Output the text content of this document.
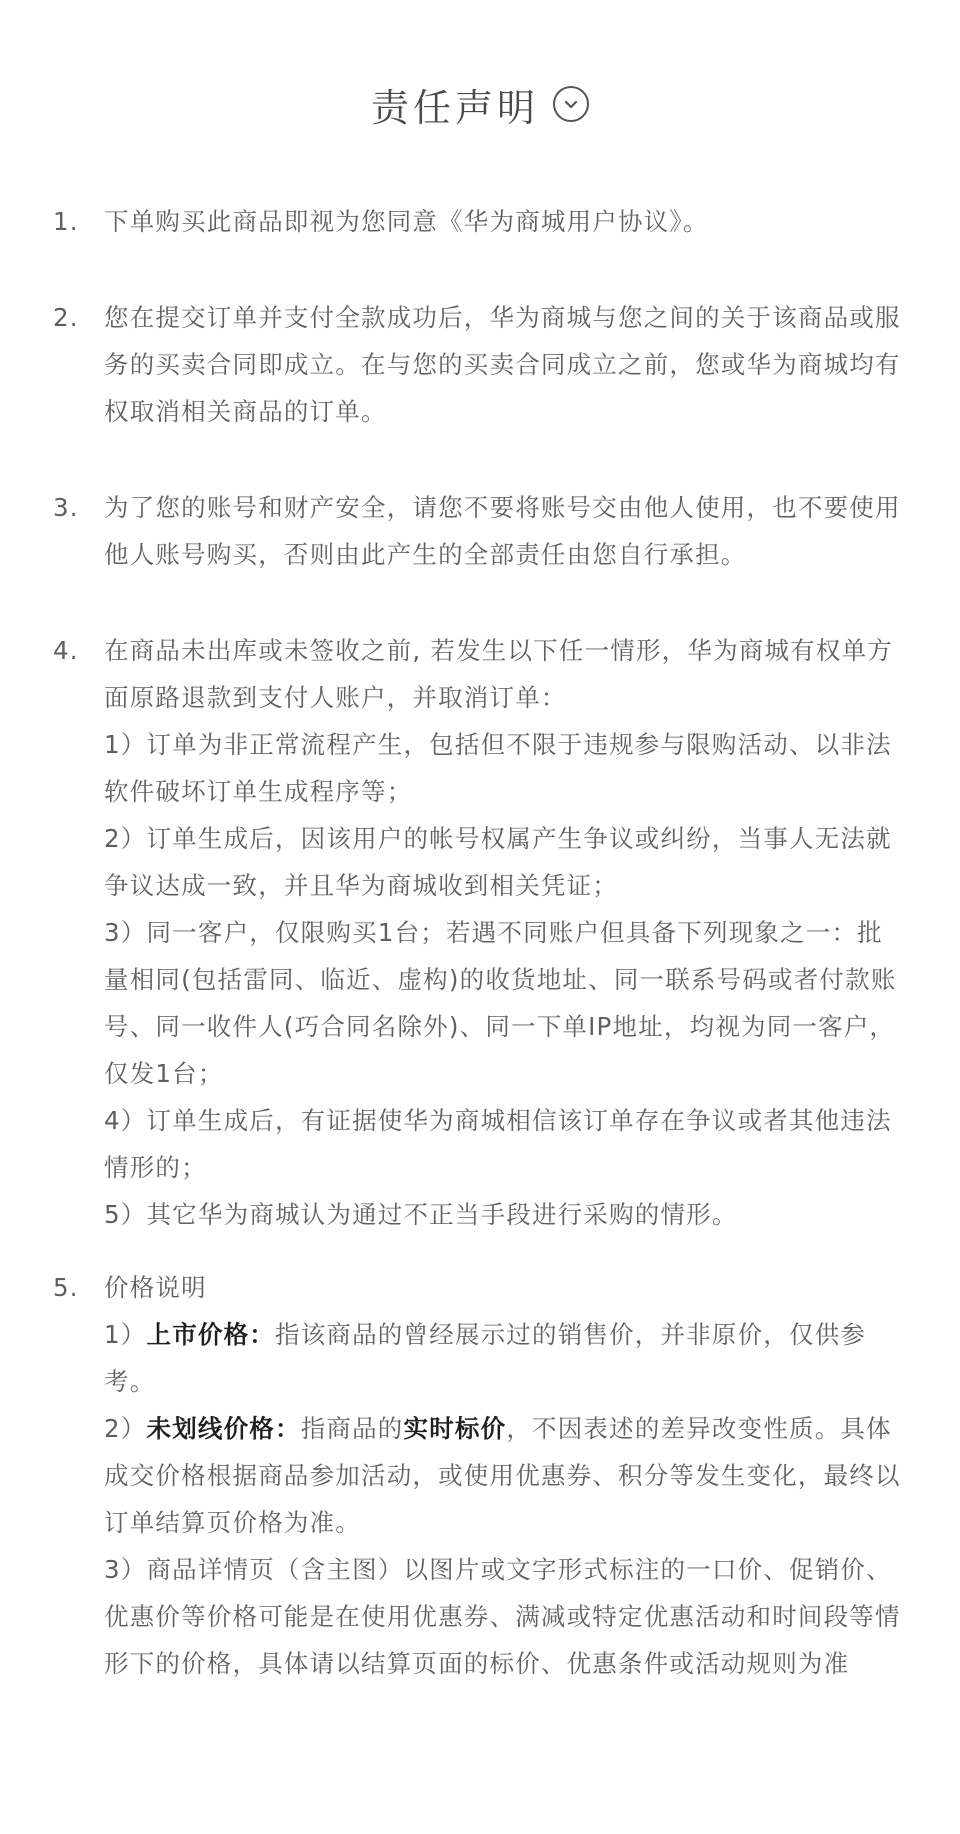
责任声明
1.	下单购买此商品即视为您同意《华为商城用户协议》。

2.	您在提交订单并支付全款成功后，华为商城与您之间的关于该商品或服务的买卖合同即成立。在与您的买卖合同成立之前，您或华为商城均有权取消相关商品的订单。

3.	为了您的账号和财产安全，请您不要将账号交由他人使用，也不要使用他人账号购买，否则由此产生的全部责任由您自行承担。

4.	在商品未出库或未签收之前, 若发生以下任一情形，华为商城有权单方面原路退款到支付人账户，并取消订单：

1）订单为非正常流程产生，包括但不限于违规参与限购活动、以非法软件破坏订单生成程序等；

2）订单生成后，因该用户的帐号权属产生争议或纠纷，当事人无法就争议达成一致，并且华为商城收到相关凭证；

3）同一客户，仅限购买1台；若遇不同账户但具备下列现象之一：批量相同(包括雷同、临近、虚构)的收货地址、同一联系号码或者付款账号、同一收件人(巧合同名除外)、同一下单IP地址，均视为同一客户，仅发1台；

4）订单生成后，有证据使华为商城相信该订单存在争议或者其他违法情形的；

5）其它华为商城认为通过不正当手段进行采购的情形。

5.	价格说明

1）上市价格：指该商品的曾经展示过的销售价，并非原价，仅供参考。

2）未划线价格：指商品的实时标价，不因表述的差异改变性质。具体成交价格根据商品参加活动，或使用优惠券、积分等发生变化，最终以订单结算页价格为准。

3）商品详情页（含主图）以图片或文字形式标注的一口价、促销价、优惠价等价格可能是在使用优惠券、满减或特定优惠活动和时间段等情形下的价格，具体请以结算页面的标价、优惠条件或活动规则为准
